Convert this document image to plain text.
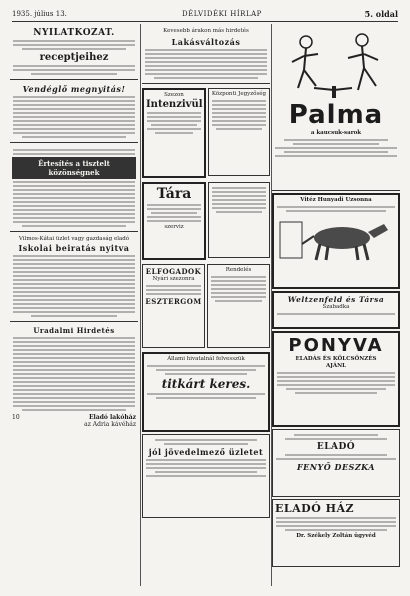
1935. július 13.	DÉLVIDÉKI HÍRLAP	5. oldal
NYILATKOZAT.
receptjeihez
Vendéglő megnyitás!
Értesítés a tisztelt közönségnek
Vilmos-Kátai üzlet vagy gazdaság eladó
Iskolai beiratás nyitva
Uradalmi Hirdetés
10	Eladó lakóház
az Adria kávéház
Kevesebb árakon más hirdetés
Lakásváltozás
Szezon
Intenzivül
Központi Jegyzőség
Tára
szerviz
ELFOGADOK
Nyári szezonra
ESZTERGOM
Rendelés
Állami hivatalnál felvesszük
titkárt keres.
jól jövedelmező üzletet
Palma
a kaucsuk-sarok
Vitéz Hunyadi Uzsonna
Weltzenfeld és Társa
Szabadka
PONYVA
ELADÁS ÉS KÖLCSÖNZÉS
AJÁNL
ELADÓ
FENYŐ DESZKA
ELADÓ HÁZ
Dr. Székely Zoltán ügyvéd
